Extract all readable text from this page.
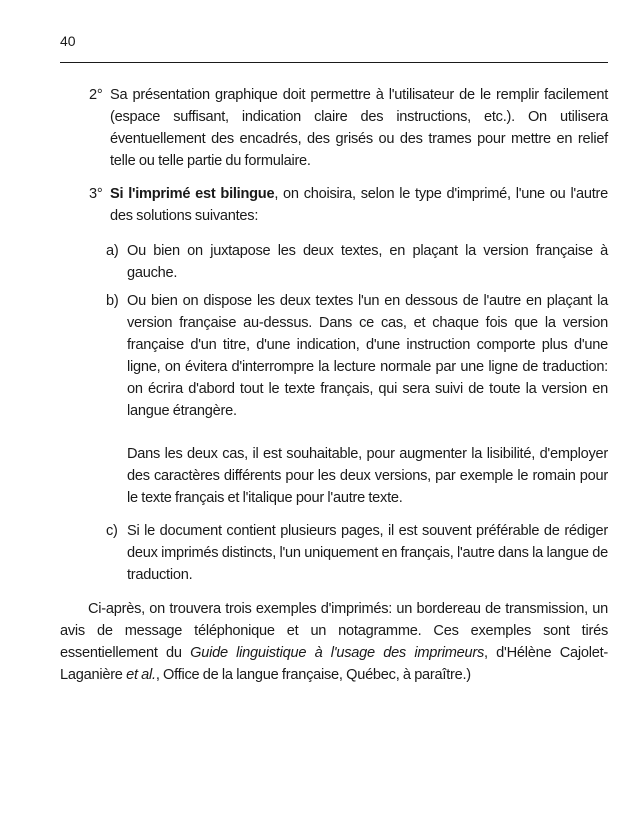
40
2° Sa présentation graphique doit permettre à l'utilisateur de le remplir facilement (espace suffisant, indication claire des instructions, etc.). On utilisera éventuellement des encadrés, des grisés ou des trames pour mettre en relief telle ou telle partie du formulaire.
3° Si l'imprimé est bilingue, on choisira, selon le type d'imprimé, l'une ou l'autre des solutions suivantes:
a) Ou bien on juxtapose les deux textes, en plaçant la version française à gauche.
b) Ou bien on dispose les deux textes l'un en dessous de l'autre en plaçant la version française au-dessus. Dans ce cas, et chaque fois que la version française d'un titre, d'une indication, d'une instruction comporte plus d'une ligne, on évitera d'interrompre la lecture normale par une ligne de traduction: on écrira d'abord tout le texte français, qui sera suivi de toute la version en langue étrangère.
Dans les deux cas, il est souhaitable, pour augmenter la lisibilité, d'employer des caractères différents pour les deux versions, par exemple le romain pour le texte français et l'italique pour l'autre texte.
c) Si le document contient plusieurs pages, il est souvent préférable de rédiger deux imprimés distincts, l'un uniquement en français, l'autre dans la langue de traduction.
Ci-après, on trouvera trois exemples d'imprimés: un bordereau de transmission, un avis de message téléphonique et un notagramme. Ces exemples sont tirés essentiellement du Guide linguistique à l'usage des imprimeurs, d'Hélène Cajolet-Laganière et al., Office de la langue française, Québec, à paraître.)
